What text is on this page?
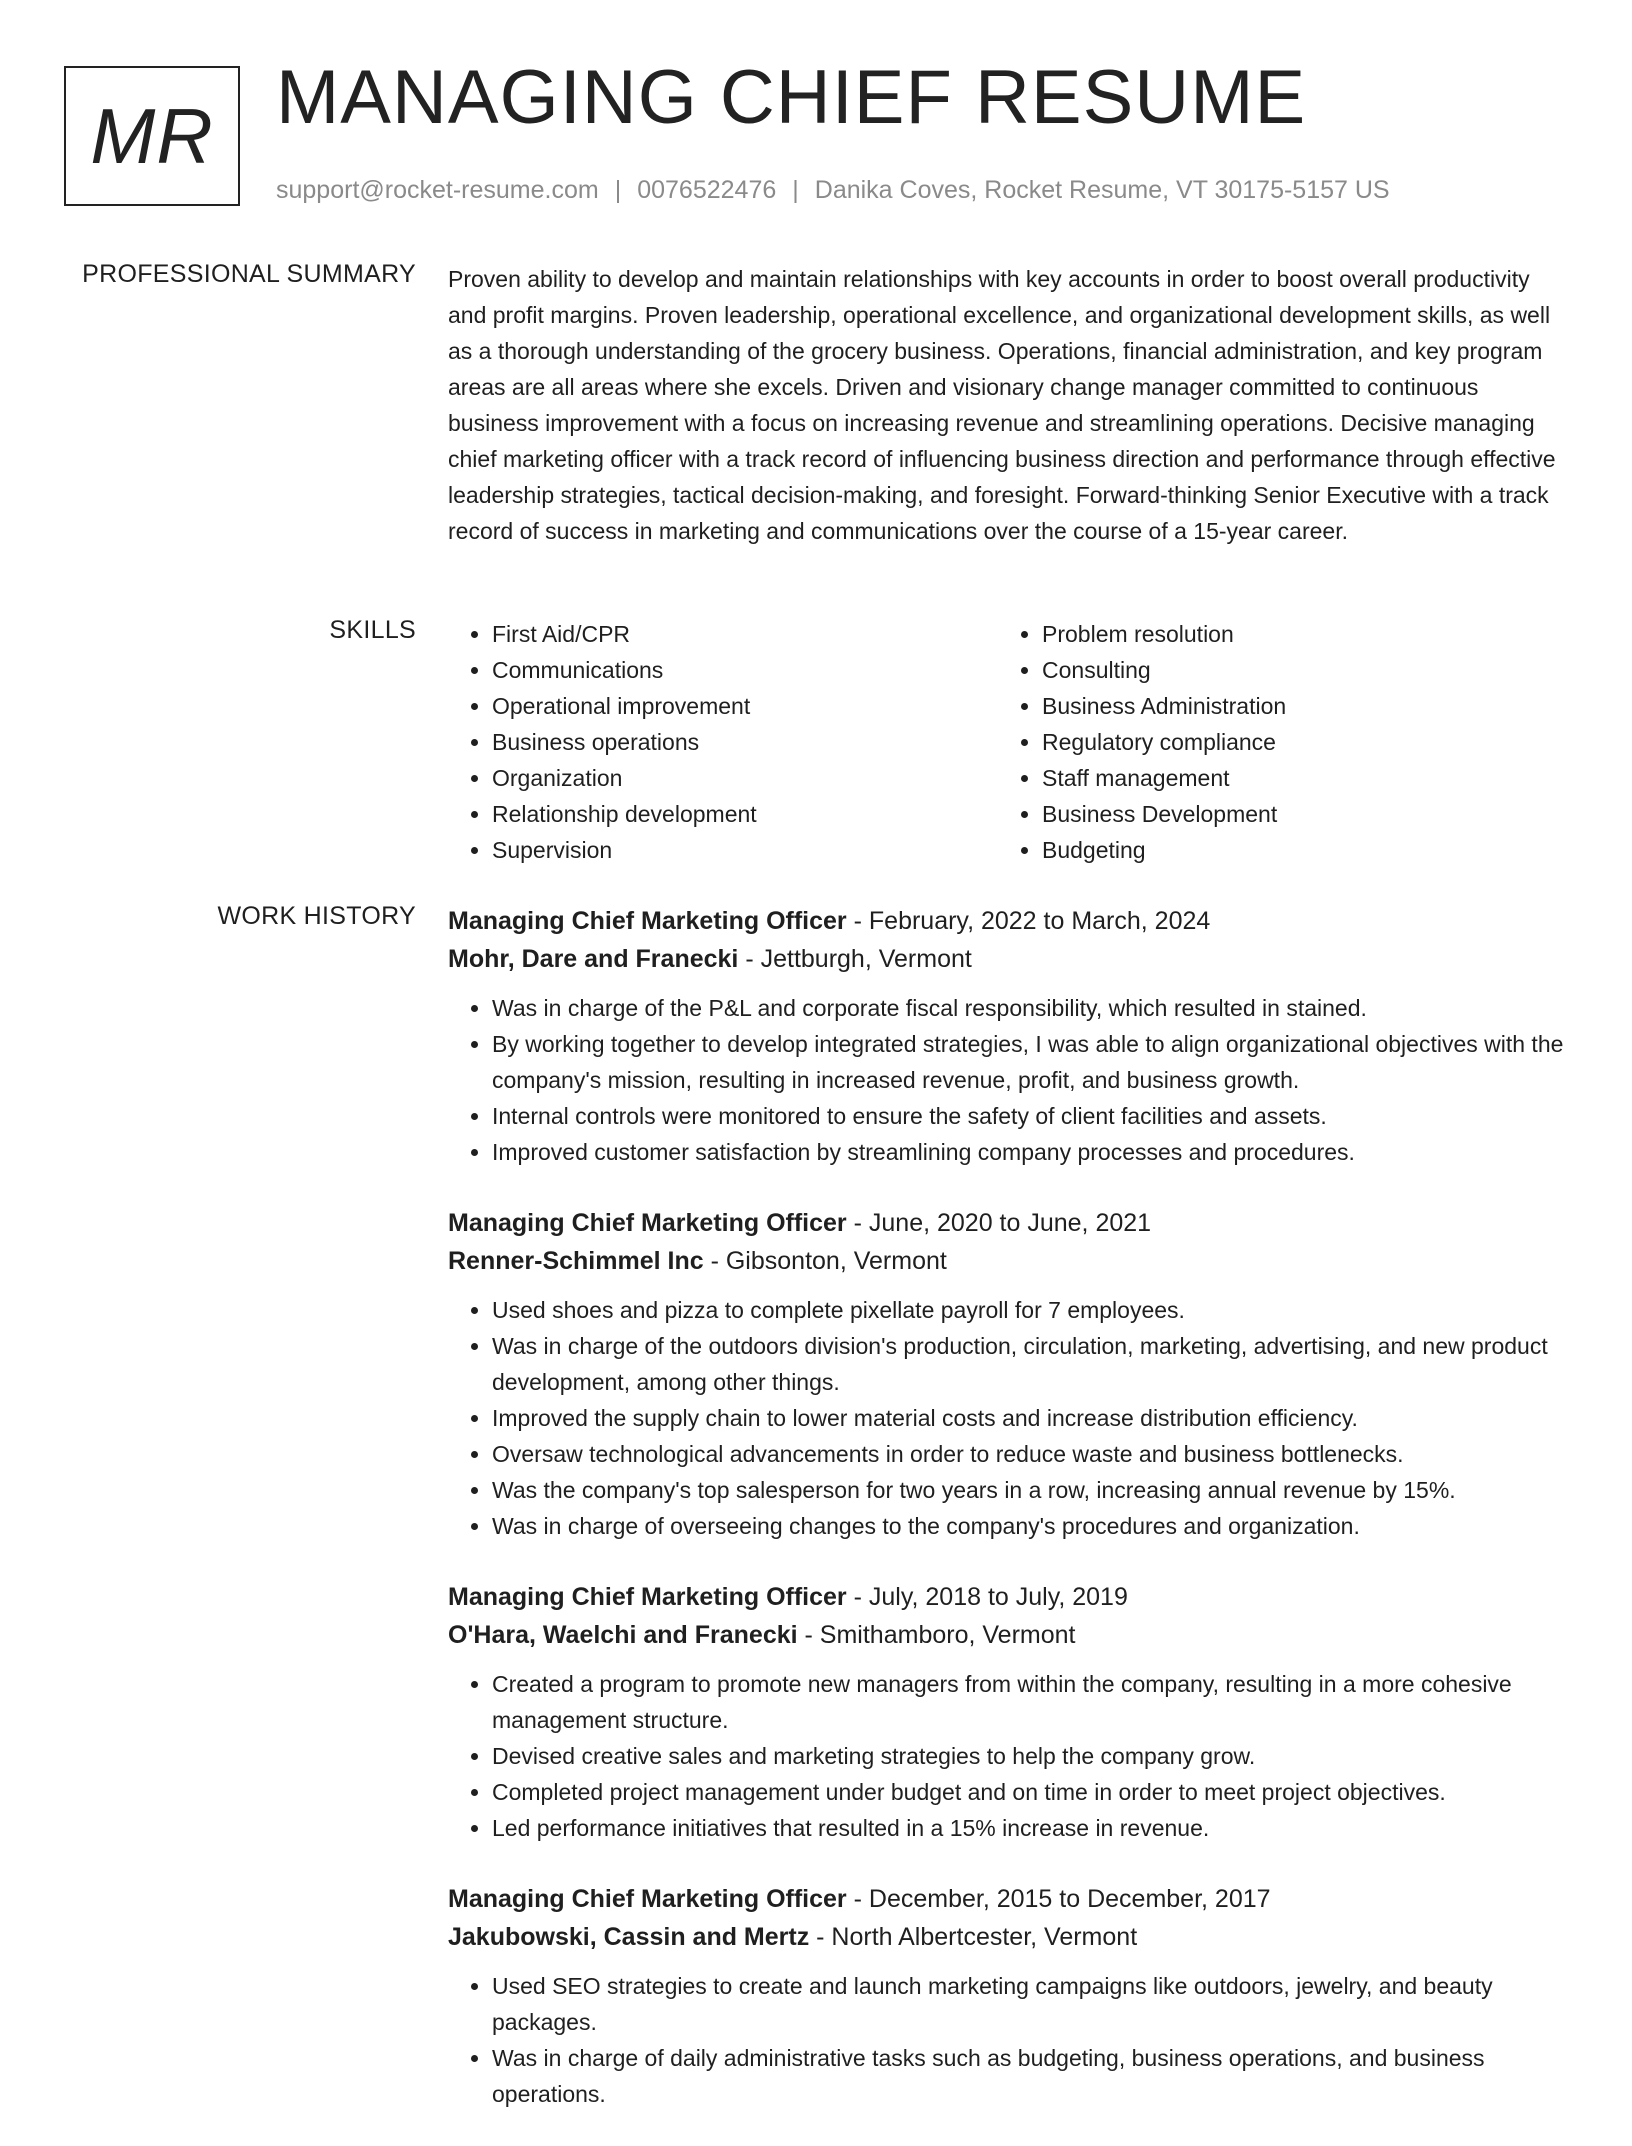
MR MANAGING CHIEF RESUME
support@rocket-resume.com | 0076522476 | Danika Coves, Rocket Resume, VT 30175-5157 US
PROFESSIONAL SUMMARY Proven ability to develop and maintain relationships with key accounts in order to boost overall productivity and profit margins. Proven leadership, operational excellence, and organizational development skills, as well as a thorough understanding of the grocery business. Operations, financial administration, and key program areas are all areas where she excels. Driven and visionary change manager committed to continuous business improvement with a focus on increasing revenue and streamlining operations. Decisive managing chief marketing officer with a track record of influencing business direction and performance through effective leadership strategies, tactical decision-making, and foresight. Forward-thinking Senior Executive with a track record of success in marketing and communications over the course of a 15-year career.

SKILLS
•	First Aid/CPR
• Communications
• Operational improvement
• Business operations
• Organization
• Relationship development
• Supervision
• Problem resolution
• Consulting
• Business Administration
• Regulatory compliance
• Staff management
• Business Development
• Budgeting
WORK HISTORY Managing Chief Marketing Officer - February, 2022 to March, 2024

Mohr, Dare and Franecki - Jettburgh, Vermont

• Was in charge of the P&L and corporate fiscal responsibility, which resulted in stained.
• By working together to develop integrated strategies, I was able to align organizational objectives with the company's mission, resulting in increased revenue, profit, and business growth.
• Internal controls were monitored to ensure the safety of client facilities and assets.
• Improved customer satisfaction by streamlining company processes and procedures.

Managing Chief Marketing Officer - June, 2020 to June, 2021

Renner-Schimmel Inc - Gibsonton, Vermont

• Used shoes and pizza to complete pixellate payroll for 7 employees.
• Was in charge of the outdoors division's production, circulation, marketing, advertising, and new product development, among other things.
• Improved the supply chain to lower material costs and increase distribution efficiency.
• Oversaw technological advancements in order to reduce waste and business bottlenecks.
• Was the company's top salesperson for two years in a row, increasing annual revenue by 15%.
• Was in charge of overseeing changes to the company's procedures and organization.

Managing Chief Marketing Officer - July, 2018 to July, 2019

O'Hara, Waelchi and Franecki - Smithamboro, Vermont

• Created a program to promote new managers from within the company, resulting in a more cohesive management structure.
• Devised creative sales and marketing strategies to help the company grow.
• Completed project management under budget and on time in order to meet project objectives.
• Led performance initiatives that resulted in a 15% increase in revenue.

Managing Chief Marketing Officer - December, 2015 to December, 2017

Jakubowski, Cassin and Mertz - North Albertcester, Vermont

• Used SEO strategies to create and launch marketing campaigns like outdoors, jewelry, and beauty packages.
• Was in charge of daily administrative tasks such as budgeting, business operations, and business operations.
